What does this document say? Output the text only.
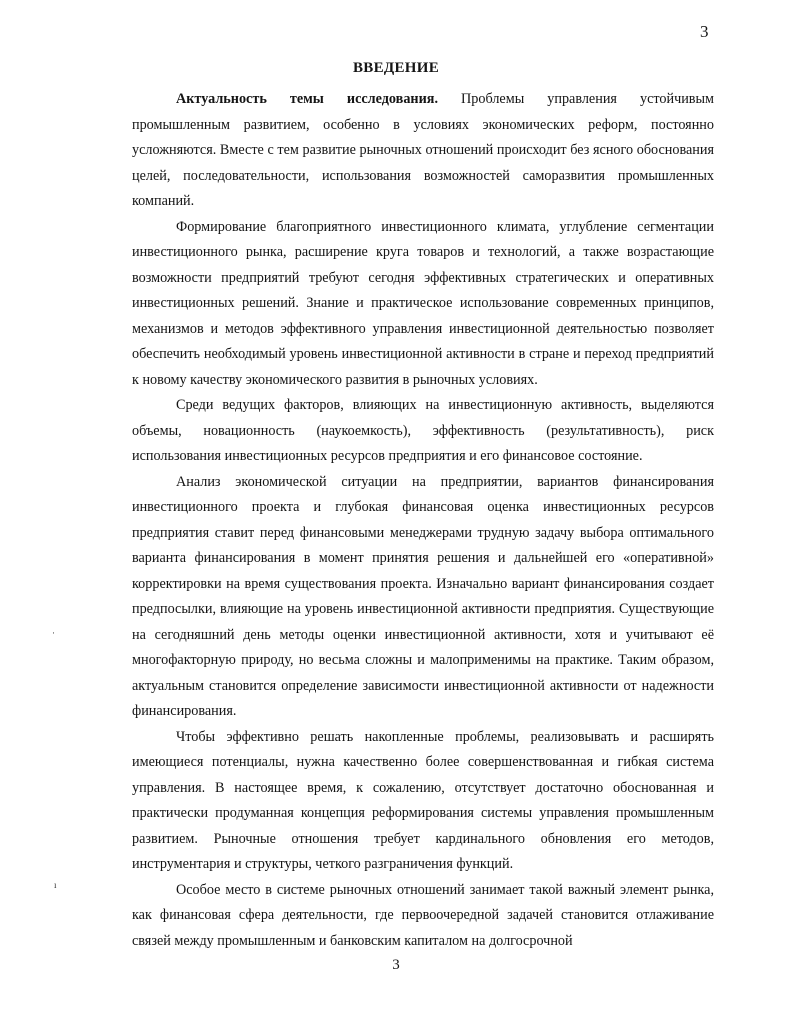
3
ВВЕДЕНИЕ

Актуальность темы исследования. Проблемы управления устойчивым промышленным развитием, особенно в условиях экономических реформ, постоянно усложняются. Вместе с тем развитие рыночных отношений происходит без ясного обоснования целей, последовательности, использования возможностей саморазвития промышленных компаний.

Формирование благоприятного инвестиционного климата, углубление сегментации инвестиционного рынка, расширение круга товаров и технологий, а также возрастающие возможности предприятий требуют сегодня эффективных стратегических и оперативных инвестиционных решений. Знание и практическое использование современных принципов, механизмов и методов эффективного управления инвестиционной деятельностью позволяет обеспечить необходимый уровень инвестиционной активности в стране и переход предприятий к новому качеству экономического развития в рыночных условиях.

Среди ведущих факторов, влияющих на инвестиционную активность, выделяются объемы, новационность (наукоемкость), эффективность (результативность), риск использования инвестиционных ресурсов предприятия и его финансовое состояние.

Анализ экономической ситуации на предприятии, вариантов финансирования инвестиционного проекта и глубокая финансовая оценка инвестиционных ресурсов предприятия ставит перед финансовыми менеджерами трудную задачу выбора оптимального варианта финансирования в момент принятия решения и дальнейшей его «оперативной» корректировки на время существования проекта. Изначально вариант финансирования создает предпосылки, влияющие на уровень инвестиционной активности предприятия. Существующие на сегодняшний день методы оценки инвестиционной активности, хотя и учитывают её многофакторную природу, но весьма сложны и малоприменимы на практике. Таким образом, актуальным становится определение зависимости инвестиционной активности от надежности финансирования.

Чтобы эффективно решать накопленные проблемы, реализовывать и расширять имеющиеся потенциалы, нужна качественно более совершенствованная и гибкая система управления. В настоящее время, к сожалению, отсутствует достаточно обоснованная и практически продуманная концепция реформирования системы управления промышленным развитием. Рыночные отношения требует кардинального обновления его методов, инструментария и структуры, четкого разграничения функций.

Особое место в системе рыночных отношений занимает такой важный элемент рынка, как финансовая сфера деятельности, где первоочередной задачей становится отлаживание связей между промышленным и банковским капиталом на долгосрочной

·
ı
3
